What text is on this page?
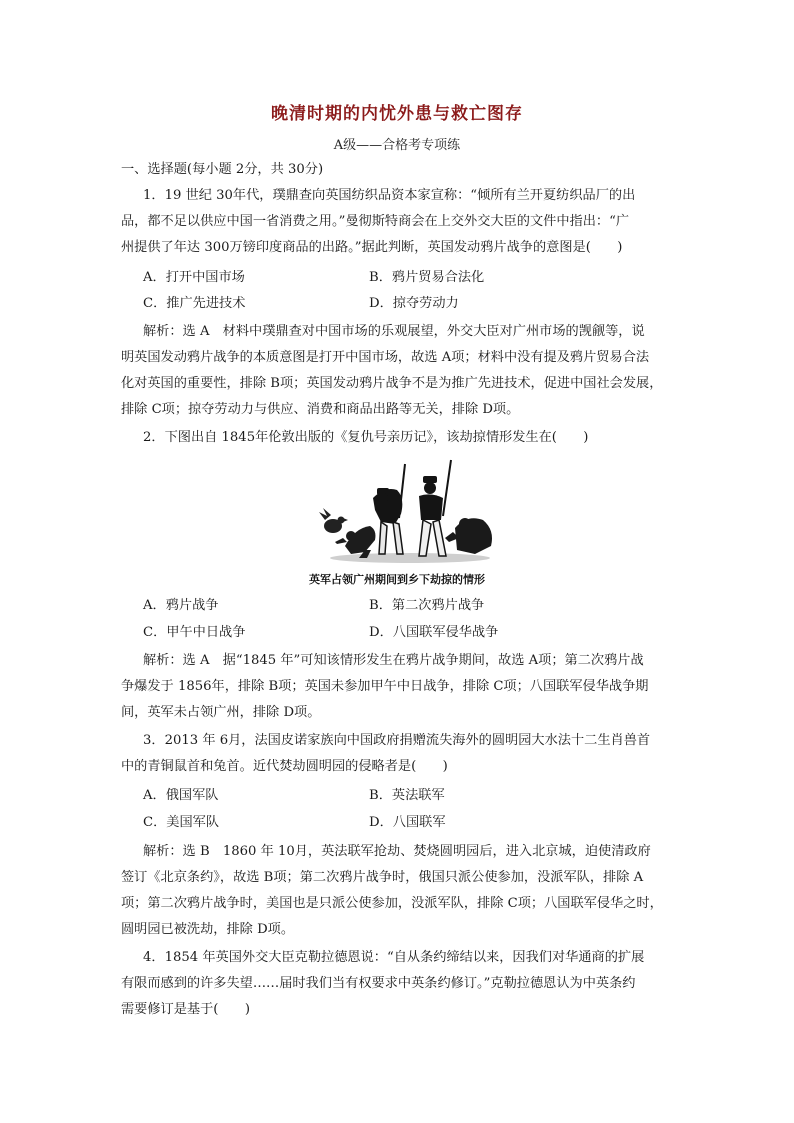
晚清时期的内忧外患与救亡图存
A级——合格考专项练
一、选择题(每小题 2分，共 30分)
1．19 世纪 30年代，璞鼎查向英国纺织品资本家宣称：“倾所有兰开夏纺织品厂的出
品，都不足以供应中国一省消费之用。”曼彻斯特商会在上交外交大臣的文件中指出：“广
州提供了年达 300万镑印度商品的出路。”据此判断，英国发动鸦片战争的意图是(　　)
A．打开中国市场	B．鸦片贸易合法化
C．推广先进技术	D．掠夺劳动力
解析：选 A　材料中璞鼎查对中国市场的乐观展望，外交大臣对广州市场的觊觎等，说
明英国发动鸦片战争的本质意图是打开中国市场，故选 A项；材料中没有提及鸦片贸易合法
化对英国的重要性，排除 B项；英国发动鸦片战争不是为推广先进技术，促进中国社会发展，
排除 C项；掠夺劳动力与供应、消费和商品出路等无关，排除 D项。
2．下图出自 1845年伦敦出版的《复仇号亲历记》，该劫掠情形发生在(　　)
英军占领广州期间到乡下劫掠的情形
A．鸦片战争	B．第二次鸦片战争
C．甲午中日战争	D．八国联军侵华战争
解析：选 A　据“1845 年”可知该情形发生在鸦片战争期间，故选 A项；第二次鸦片战
争爆发于 1856年，排除 B项；英国未参加甲午中日战争，排除 C项；八国联军侵华战争期
间，英军未占领广州，排除 D项。
3．2013 年 6月，法国皮诺家族向中国政府捐赠流失海外的圆明园大水法十二生肖兽首
中的青铜鼠首和兔首。近代焚劫圆明园的侵略者是(　　)
A．俄国军队	B．英法联军
C．美国军队	D．八国联军
解析：选 B　1860 年 10月，英法联军抢劫、焚烧圆明园后，进入北京城，迫使清政府
签订《北京条约》，故选 B项；第二次鸦片战争时，俄国只派公使参加，没派军队，排除 A
项；第二次鸦片战争时，美国也是只派公使参加，没派军队，排除 C项；八国联军侵华之时，
圆明园已被洗劫，排除 D项。
4．1854 年英国外交大臣克勒拉德恩说：“自从条约缔结以来，因我们对华通商的扩展
有限而感到的许多失望……届时我们当有权要求中英条约修订。”克勒拉德恩认为中英条约
需要修订是基于(　　)
